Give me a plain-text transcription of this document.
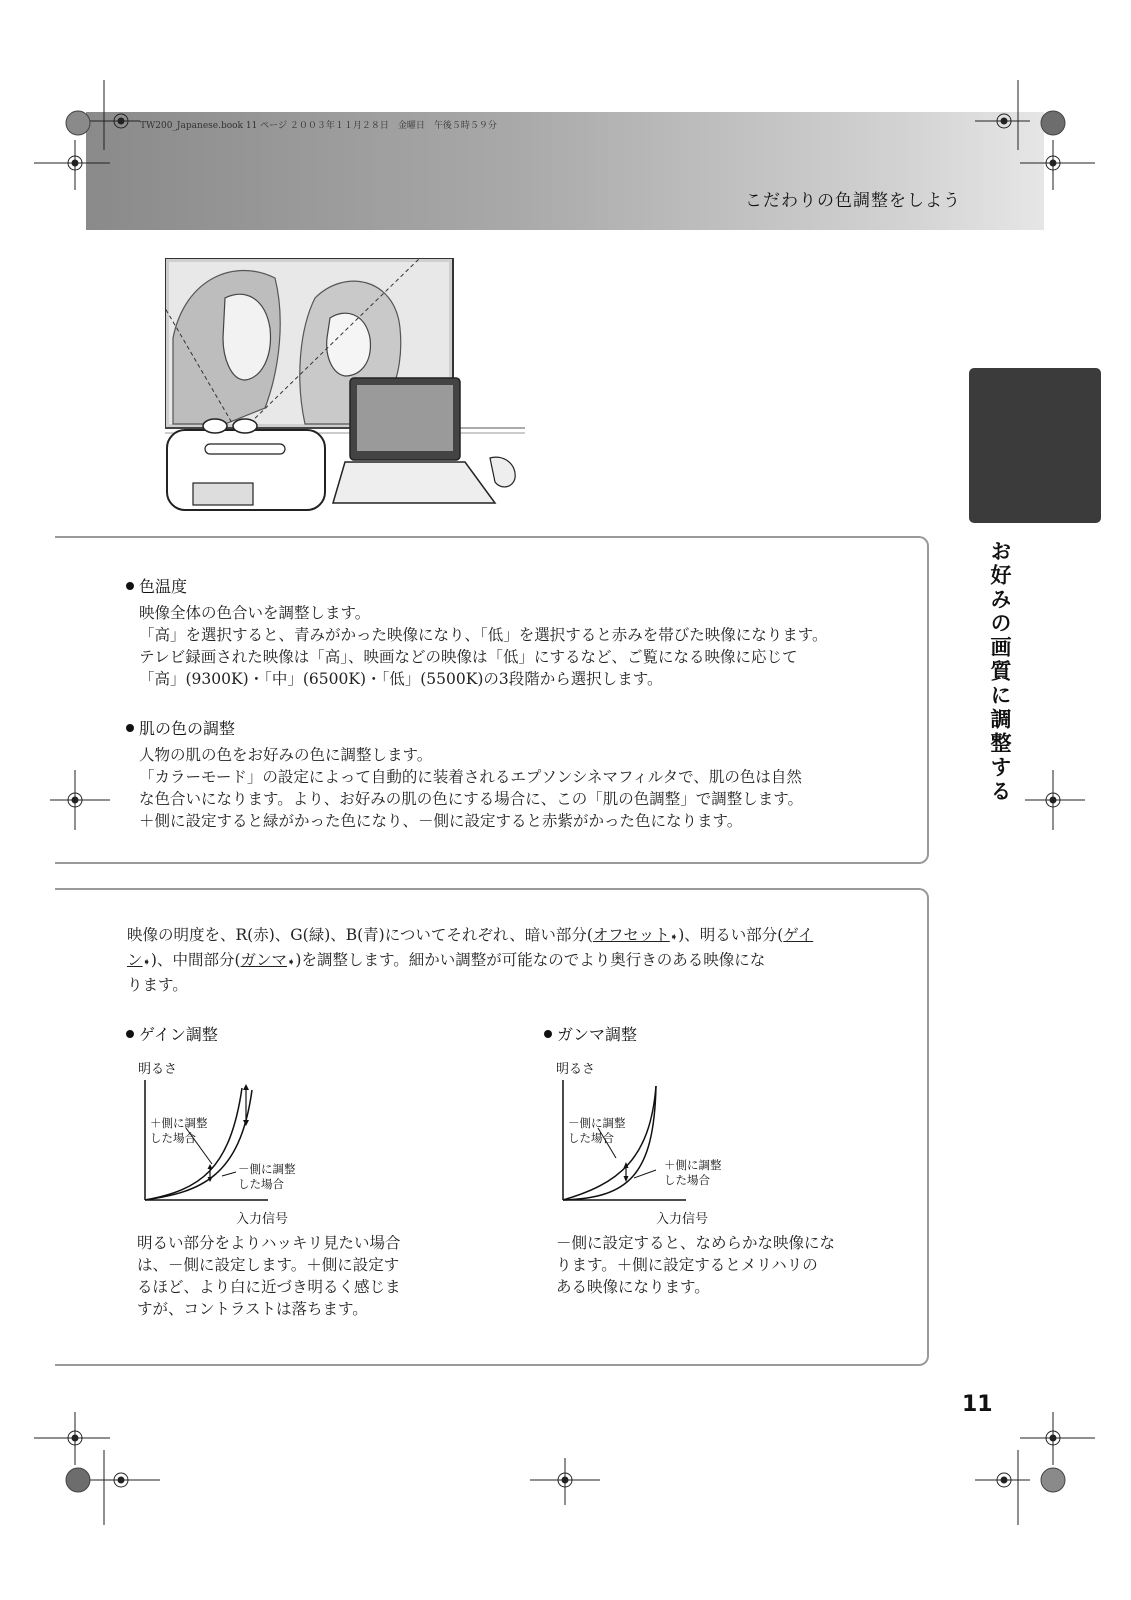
TW200_Japanese.book 11 ページ ２００３年１１月２８日　金曜日　午後５時５９分
こだわりの色調整をしよう
お好みの画質に調整する
色温度

映像全体の色合いを調整します。

「高」を選択すると、青みがかった映像になり、「低」を選択すると赤みを帯びた映像になります。

テレビ録画された映像は「高」、映画などの映像は「低」にするなど、ご覧になる映像に応じて

「高」(9300K)・「中」(6500K)・「低」(5500K)の3段階から選択します。

肌の色の調整

人物の肌の色をお好みの色に調整します。

「カラーモード」の設定によって自動的に装着されるエプソンシネマフィルタで、肌の色は自然

な色合いになります。より、お好みの肌の色にする場合に、この「肌の色調整」で調整します。

＋側に設定すると緑がかった色になり、－側に設定すると赤紫がかった色になります。

映像の明度を、R(赤)、G(緑)、B(青)についてそれぞれ、暗い部分(オフセット➧)、明るい部分(ゲイ

ン➧)、中間部分(ガンマ➧)を調整します。細かい調整が可能なのでより奥行きのある映像にな

ります。

ゲイン調整
明るさ
＋側に調整
した場合
－側に調整
した場合
入力信号

明るい部分をよりハッキリ見たい場合

は、－側に設定します。＋側に設定す

るほど、より白に近づき明るく感じま

すが、コントラストは落ちます。

ガンマ調整
明るさ
－側に調整
した場合
＋側に調整
した場合
入力信号

－側に設定すると、なめらかな映像にな

ります。＋側に設定するとメリハリの

ある映像になります。

11
